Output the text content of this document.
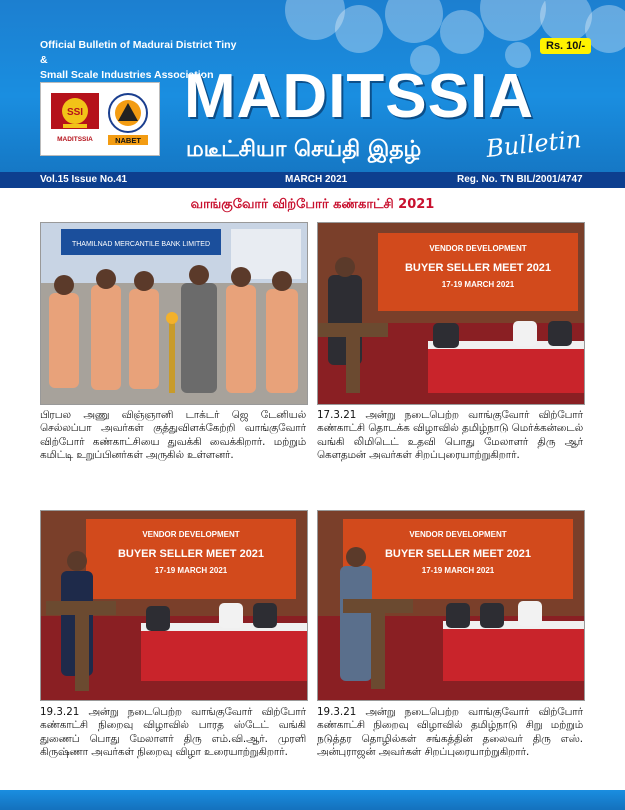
Official Bulletin of Madurai District Tiny &
Small Scale Industries Association
Rs. 10/-
SSI
MADITSSIA	NABET
MADITSSIA
மடீட்சியா செய்தி இதழ்	Bulletin
Vol.15 Issue No.41	MARCH 2021	Reg. No. TN BIL/2001/4747
வாங்குவோர் விற்போர் கண்காட்சி 2021
THAMILNAD MERCANTILE BANK LIMITED	VENDOR DEVELOPMENT
BUYER SELLER MEET 2021
17-19 MARCH 2021
பிரபல அணு விஞ்ஞானி டாக்டர் ஜெ டேனியல் செல்லப்பா அவர்கள் குத்துவிளக்கேற்றி வாங்குவோர் விற்போர் கண்காட்சியை துவக்கி வைக்கிறார். மற்றும் கமிட்டி உறுப்பினர்கள் அருகில் உள்ளனர்.
17.3.21 அன்று நடைபெற்ற வாங்குவோர் விற்போர் கண்காட்சி தொடக்க விழாவில் தமிழ்நாடு மெர்க்கன்டைல் வங்கி லிமிடெட் உதவி பொது மேலாளர் திரு ஆர் கௌதமன் அவர்கள் சிறப்புரையாற்றுகிறார்.
VENDOR DEVELOPMENT
BUYER SELLER MEET 2021
17-19 MARCH 2021
VENDOR DEVELOPMENT
BUYER SELLER MEET 2021
17-19 MARCH 2021
19.3.21 அன்று நடைபெற்ற வாங்குவோர் விற்போர் கண்காட்சி நிறைவு விழாவில் பாரத ஸ்டேட் வங்கி துணைப் பொது மேலாளர் திரு எம்.வி.ஆர். முரளி கிருஷ்ணா அவர்கள் நிறைவு விழா உரையாற்றுகிறார்.
19.3.21 அன்று நடைபெற்ற வாங்குவோர் விற்போர் கண்காட்சி நிறைவு விழாவில் தமிழ்நாடு சிறு மற்றும் நடுத்தர தொழில்கள் சங்கத்தின் தலைவர் திரு எஸ். அன்புராஜன் அவர்கள் சிறப்புரையாற்றுகிறார்.
